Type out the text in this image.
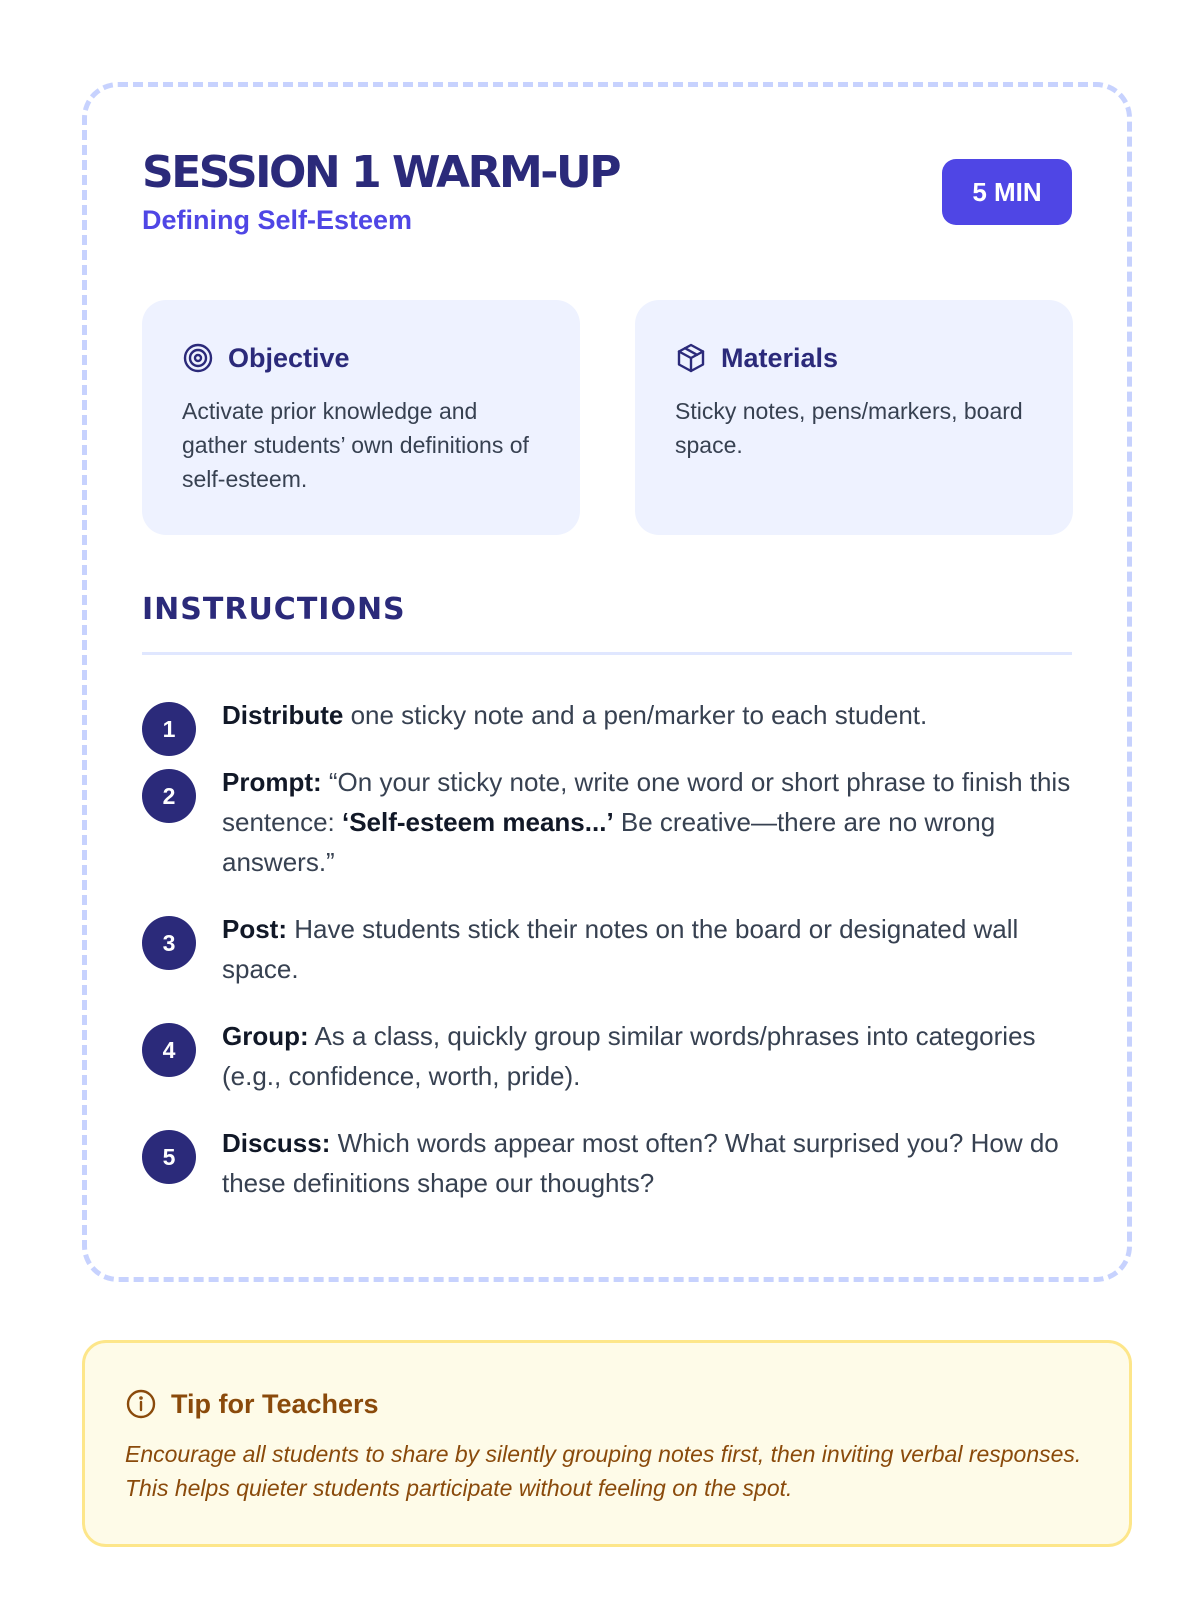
SESSION 1 WARM-UP
Defining Self-Esteem
5 MIN
Objective

Activate prior knowledge and gather students’ own definitions of self-esteem.

Materials

Sticky notes, pens/markers, board space.

INSTRUCTIONS
1	Distribute one sticky note and a pen/marker to each student.
2	Prompt: “On your sticky note, write one word or short phrase to finish this sentence: ‘Self-esteem means...’ Be creative—there are no wrong answers.”
3	Post: Have students stick their notes on the board or designated wall space.
4	Group: As a class, quickly group similar words/phrases into categories (e.g., confidence, worth, pride).
5	Discuss: Which words appear most often? What surprised you? How do these definitions shape our thoughts?
Tip for Teachers

Encourage all students to share by silently grouping notes first, then inviting verbal responses. This helps quieter students participate without feeling on the spot.
